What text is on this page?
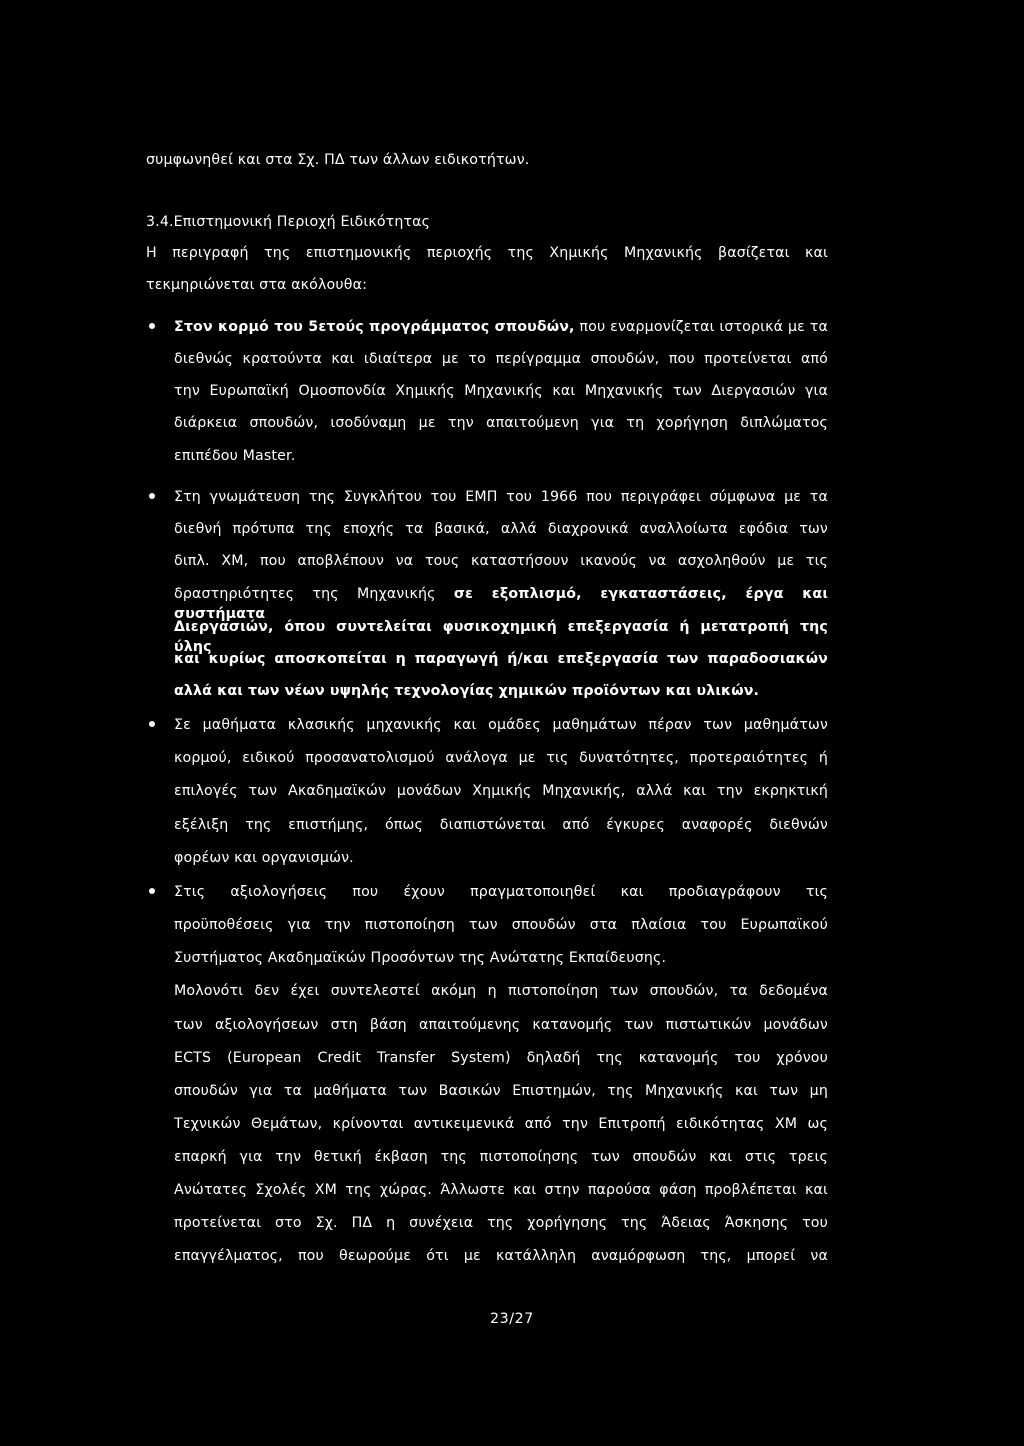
συμφωνηθεί και στα Σχ. ΠΔ των άλλων ειδικοτήτων.
3.4.Επιστημονική Περιοχή Ειδικότητας
Η περιγραφή της επιστημονικής περιοχής της Χημικής Μηχανικής βασίζεται και
τεκμηριώνεται στα ακόλουθα:
Στον κορμό του 5ετούς προγράμματος σπουδών, που εναρμονίζεται ιστορικά με τα
διεθνώς κρατούντα και ιδιαίτερα με το περίγραμμα σπουδών, που προτείνεται από
την Ευρωπαϊκή Ομοσπονδία Χημικής Μηχανικής και Μηχανικής των Διεργασιών για
διάρκεια σπουδών, ισοδύναμη με την απαιτούμενη για τη χορήγηση διπλώματος
επιπέδου Master.
Στη γνωμάτευση της Συγκλήτου του ΕΜΠ του 1966 που περιγράφει σύμφωνα με τα
διεθνή πρότυπα της εποχής τα βασικά, αλλά διαχρονικά αναλλοίωτα εφόδια των
διπλ. ΧΜ, που αποβλέπουν να τους καταστήσουν ικανούς να ασχοληθούν με τις
δραστηριότητες της Μηχανικής σε εξοπλισμό, εγκαταστάσεις, έργα και συστήματα
Διεργασιών, όπου συντελείται φυσικοχημική επεξεργασία ή μετατροπή της ύλης
και κυρίως αποσκοπείται η παραγωγή ή/και επεξεργασία των παραδοσιακών
αλλά και των νέων υψηλής τεχνολογίας χημικών προϊόντων και υλικών.
Σε μαθήματα κλασικής μηχανικής και ομάδες μαθημάτων πέραν των μαθημάτων
κορμού, ειδικού προσανατολισμού ανάλογα με τις δυνατότητες, προτεραιότητες ή
επιλογές των Ακαδημαϊκών μονάδων Χημικής Μηχανικής, αλλά και την εκρηκτική
εξέλιξη της επιστήμης, όπως διαπιστώνεται από έγκυρες αναφορές διεθνών
φορέων και οργανισμών.
Στις αξιολογήσεις που έχουν πραγματοποιηθεί και προδιαγράφουν τις
προϋποθέσεις για την πιστοποίηση των σπουδών στα πλαίσια του Ευρωπαϊκού
Συστήματος Ακαδημαϊκών Προσόντων της Ανώτατης Εκπαίδευσης.
Μολονότι δεν έχει συντελεστεί ακόμη η πιστοποίηση των σπουδών, τα δεδομένα
των αξιολογήσεων στη βάση απαιτούμενης κατανομής των πιστωτικών μονάδων
ECTS (European Credit Transfer System) δηλαδή της κατανομής του χρόνου
σπουδών για τα μαθήματα των Βασικών Επιστημών, της Μηχανικής και των μη
Τεχνικών Θεμάτων, κρίνονται αντικειμενικά από την Επιτροπή ειδικότητας ΧΜ ως
επαρκή για την θετική έκβαση της πιστοποίησης των σπουδών και στις τρεις
Ανώτατες Σχολές ΧΜ της χώρας. Άλλωστε και στην παρούσα φάση προβλέπεται και
προτείνεται στο Σχ. ΠΔ η συνέχεια της χορήγησης της Άδειας Άσκησης του
επαγγέλματος, που θεωρούμε ότι με κατάλληλη αναμόρφωση της, μπορεί να
23/27
